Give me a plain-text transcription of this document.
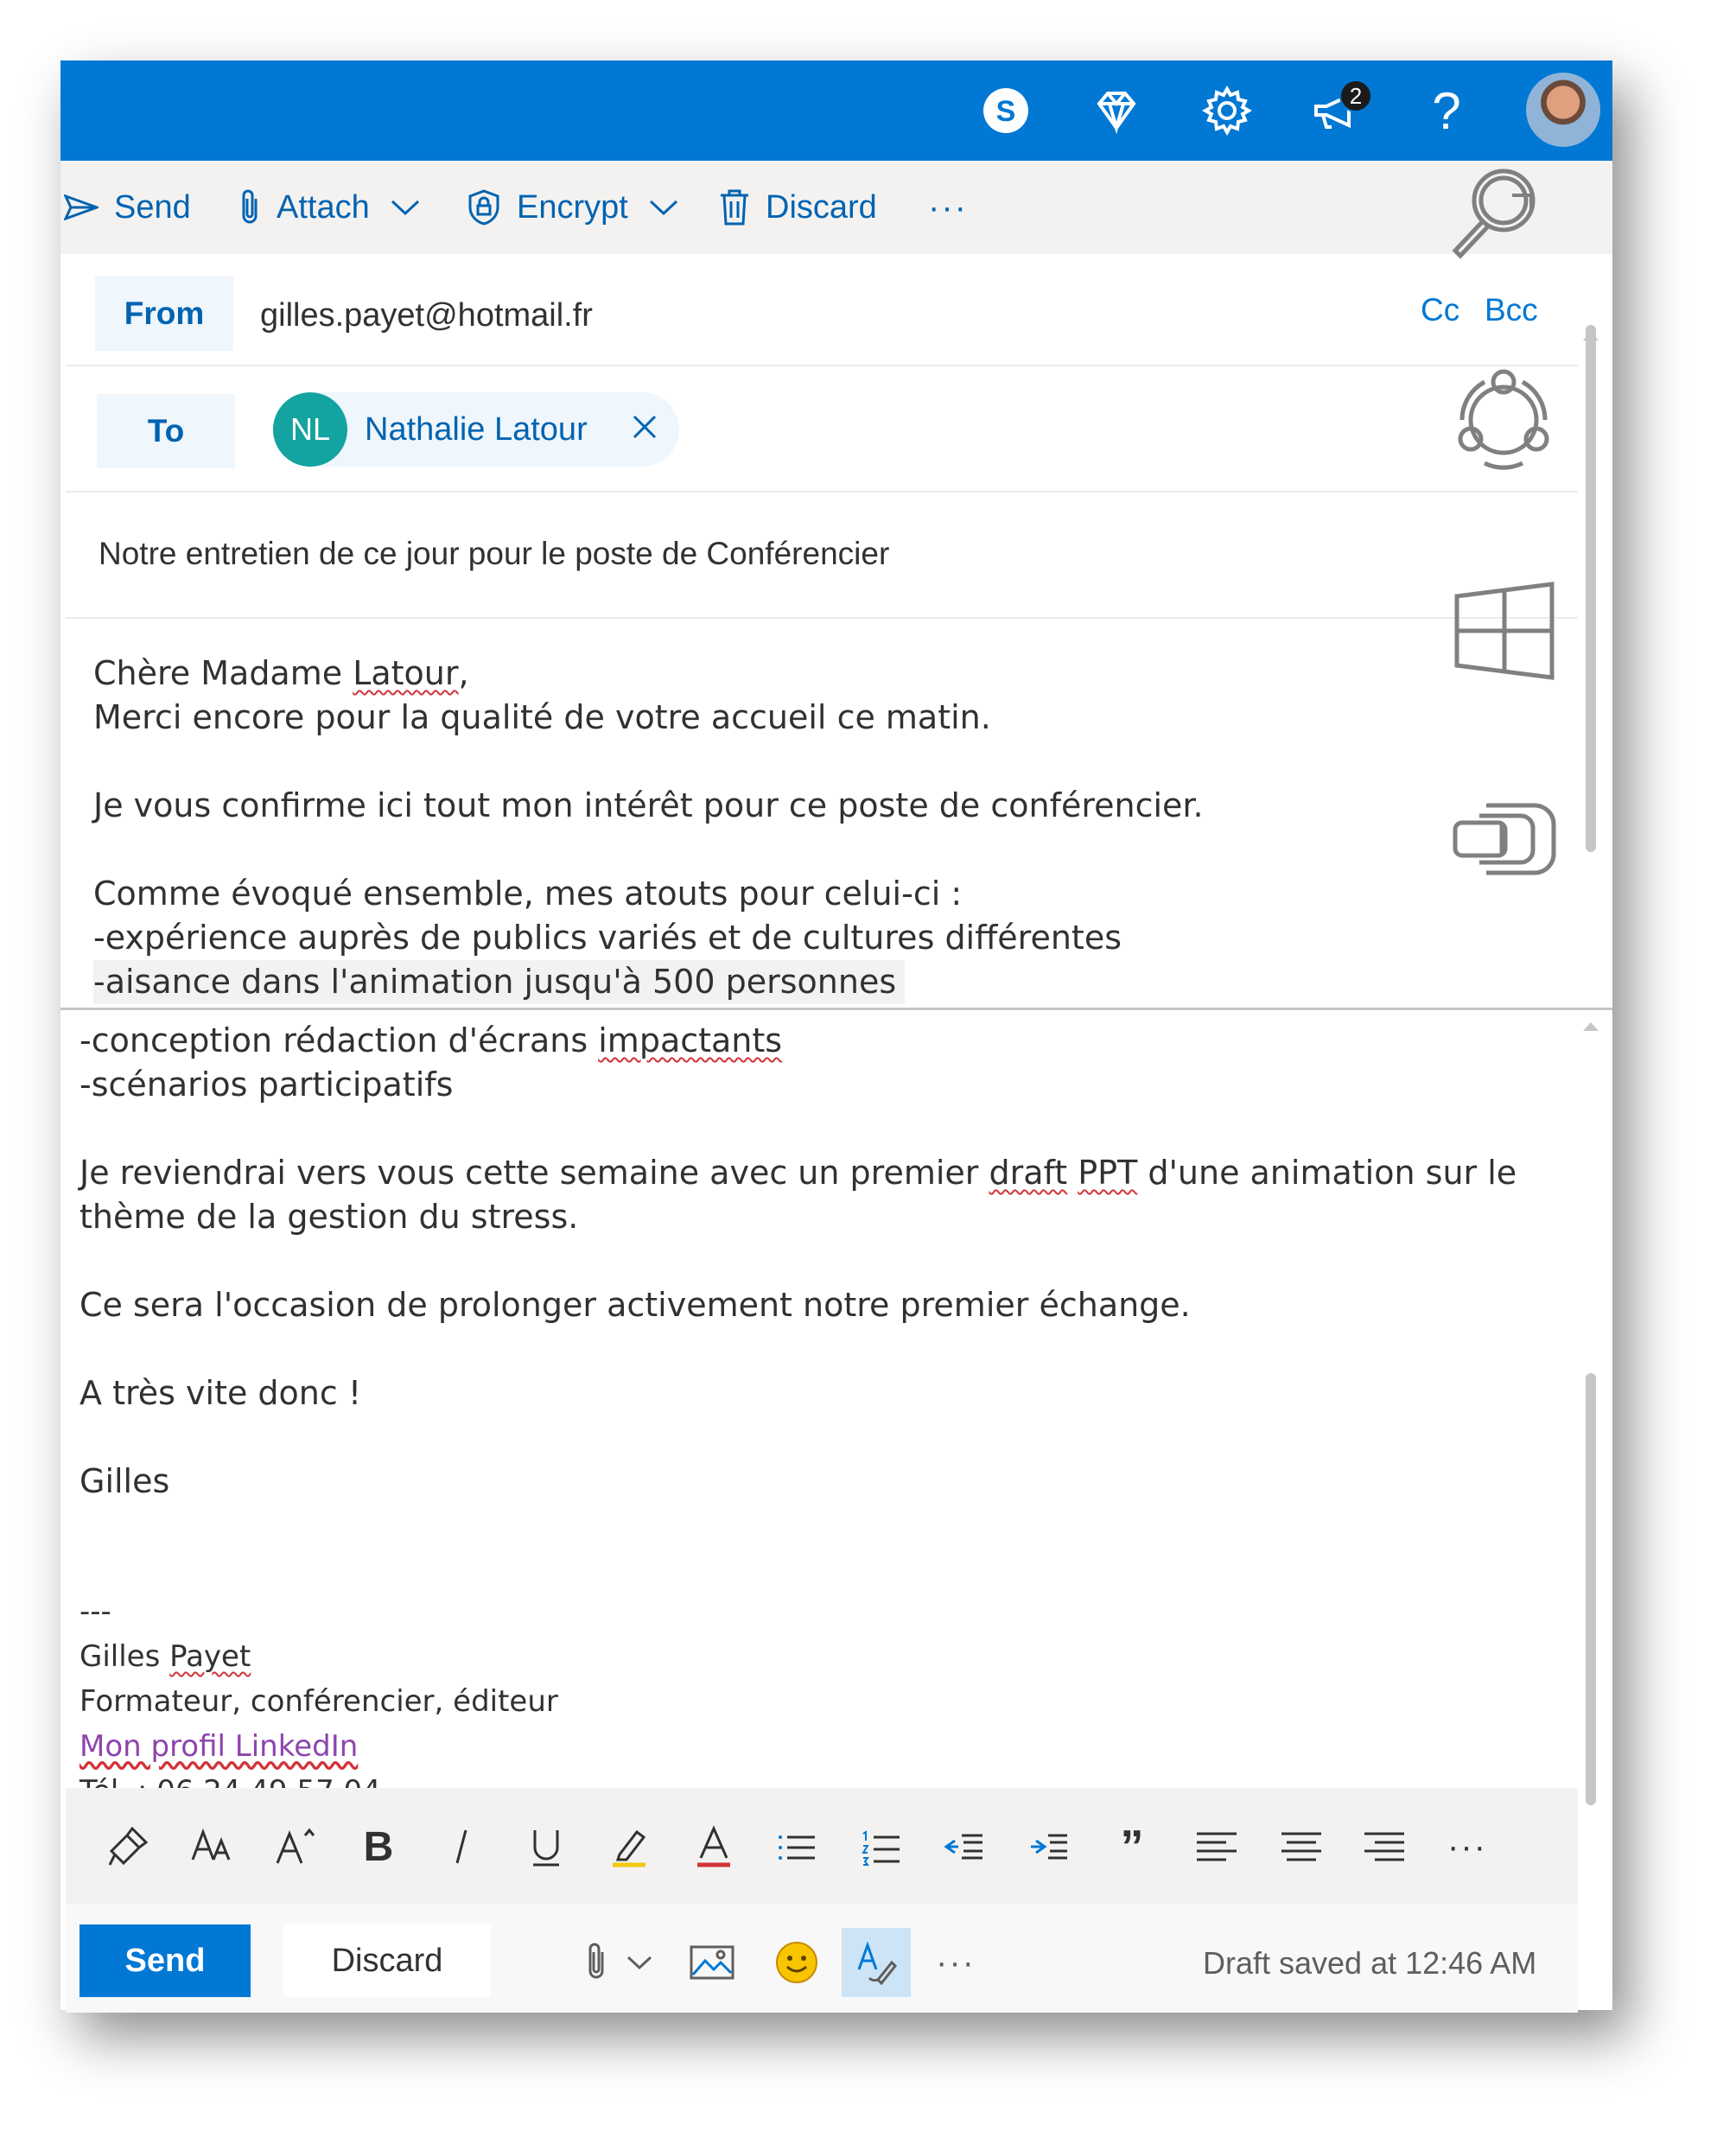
S	2 ?
Send	Attach	Encrypt	Discard ···
From	gilles.payet@hotmail.fr	Cc Bcc
To	NL	Nathalie Latour
Notre entretien de ce jour pour le poste de Conférencier
Chère Madame Latour,
Merci encore pour la qualité de votre accueil ce matin.
Je vous confirme ici tout mon intérêt pour ce poste de conférencier.
Comme évoqué ensemble, mes atouts pour celui-ci :
-expérience auprès de publics variés et de cultures différentes
-aisance dans l'animation jusqu'à 500 personnes
-conception rédaction d'écrans impactants
-scénarios participatifs
Je reviendrai vers vous cette semaine avec un premier draft PPT d'une animation sur le
thème de la gestion du stress.
Ce sera l'occasion de prolonger activement notre premier échange.
A très vite donc !
Gilles
---
Gilles Payet
Formateur, conférencier, éditeur
Mon profil LinkedIn
B	”	···
Send	Discard	···	Draft saved at 12:46 AM
